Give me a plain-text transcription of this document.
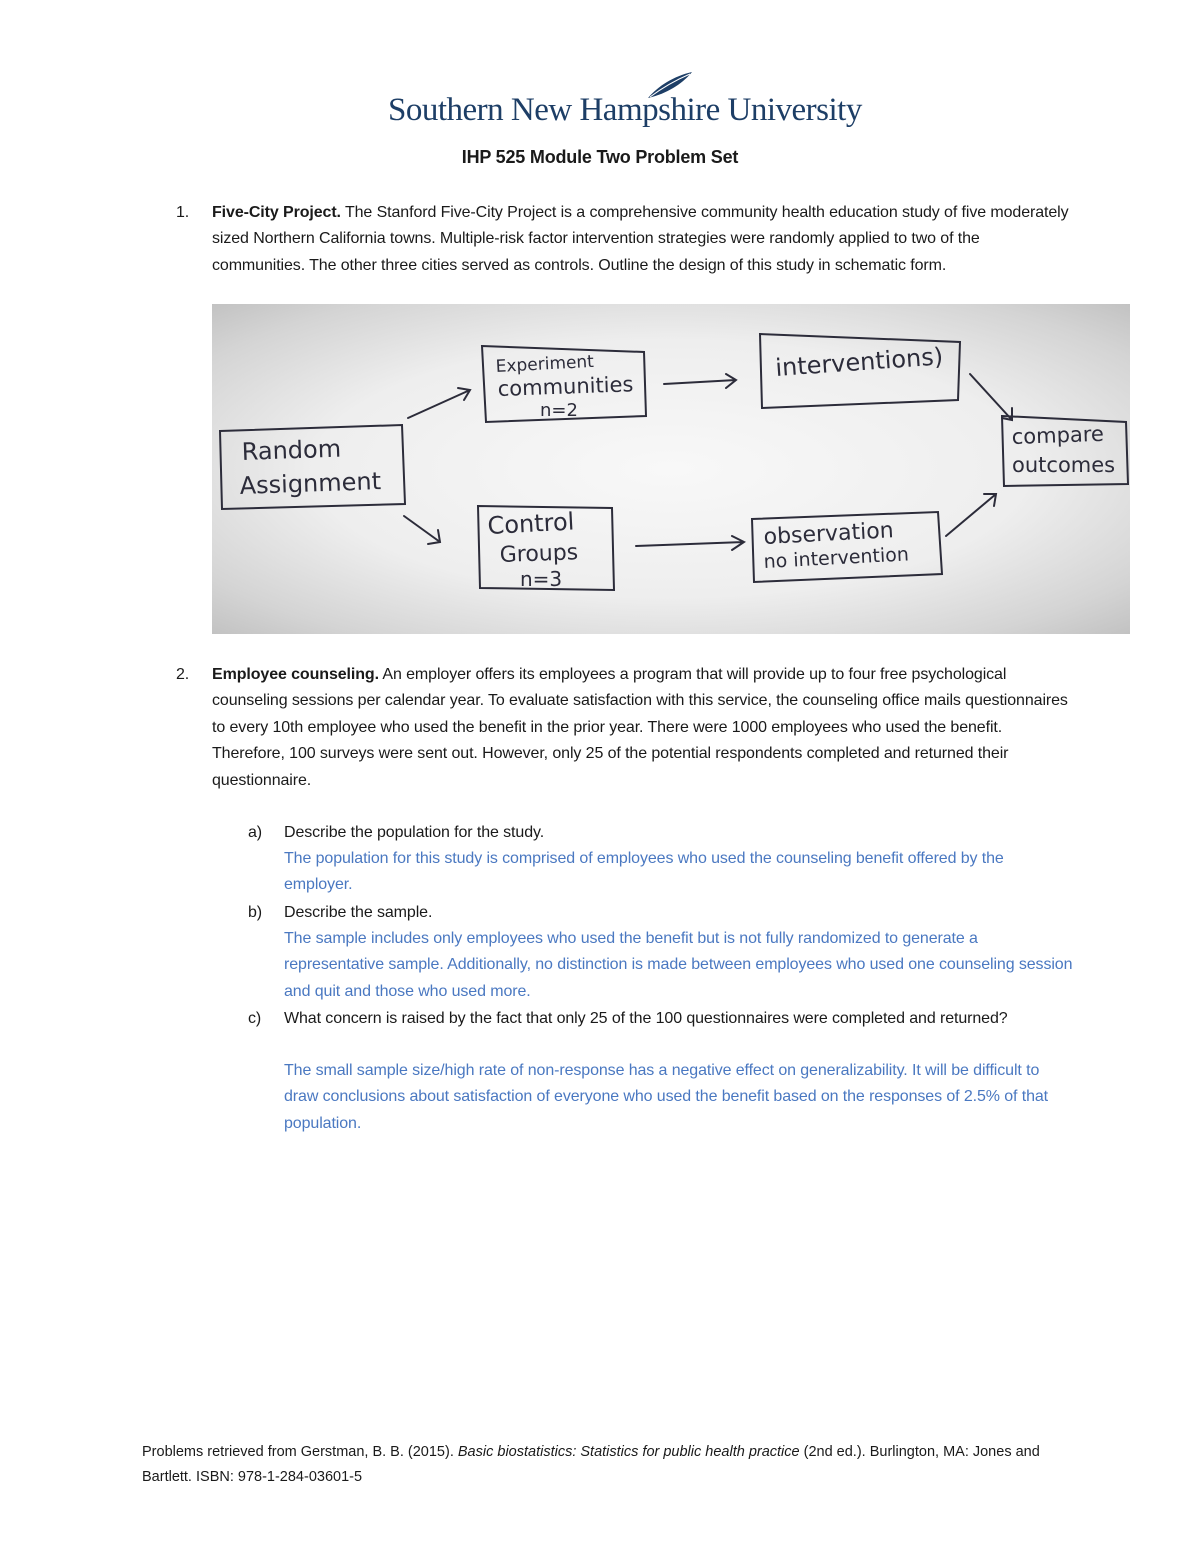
Southern New Hampshire University
IHP 525 Module Two Problem Set
1. Five-City Project. The Stanford Five-City Project is a comprehensive community health education study of five moderately sized Northern California towns. Multiple-risk factor intervention strategies were randomly applied to two of the communities. The other three cities served as controls. Outline the design of this study in schematic form.
Random
Assignment
Experiment
communities
n=2
interventions)
Control
Groups
n=3
observation
no intervention
compare
outcomes
2. Employee counseling. An employer offers its employees a program that will provide up to four free psychological counseling sessions per calendar year. To evaluate satisfaction with this service, the counseling office mails questionnaires to every 10th employee who used the benefit in the prior year. There were 1000 employees who used the benefit. Therefore, 100 surveys were sent out. However, only 25 of the potential respondents completed and returned their questionnaire.
a) Describe the population for the study.
The population for this study is comprised of employees who used the counseling benefit offered by the employer.
b) Describe the sample.
The sample includes only employees who used the benefit but is not fully randomized to generate a representative sample. Additionally, no distinction is made between employees who used one counseling session and quit and those who used more.
c) What concern is raised by the fact that only 25 of the 100 questionnaires were completed and returned?
The small sample size/high rate of non-response has a negative effect on generalizability. It will be difficult to draw conclusions about satisfaction of everyone who used the benefit based on the responses of 2.5% of that population.
Problems retrieved from Gerstman, B. B. (2015). Basic biostatistics: Statistics for public health practice (2nd ed.). Burlington, MA: Jones and Bartlett. ISBN: 978-1-284-03601-5
